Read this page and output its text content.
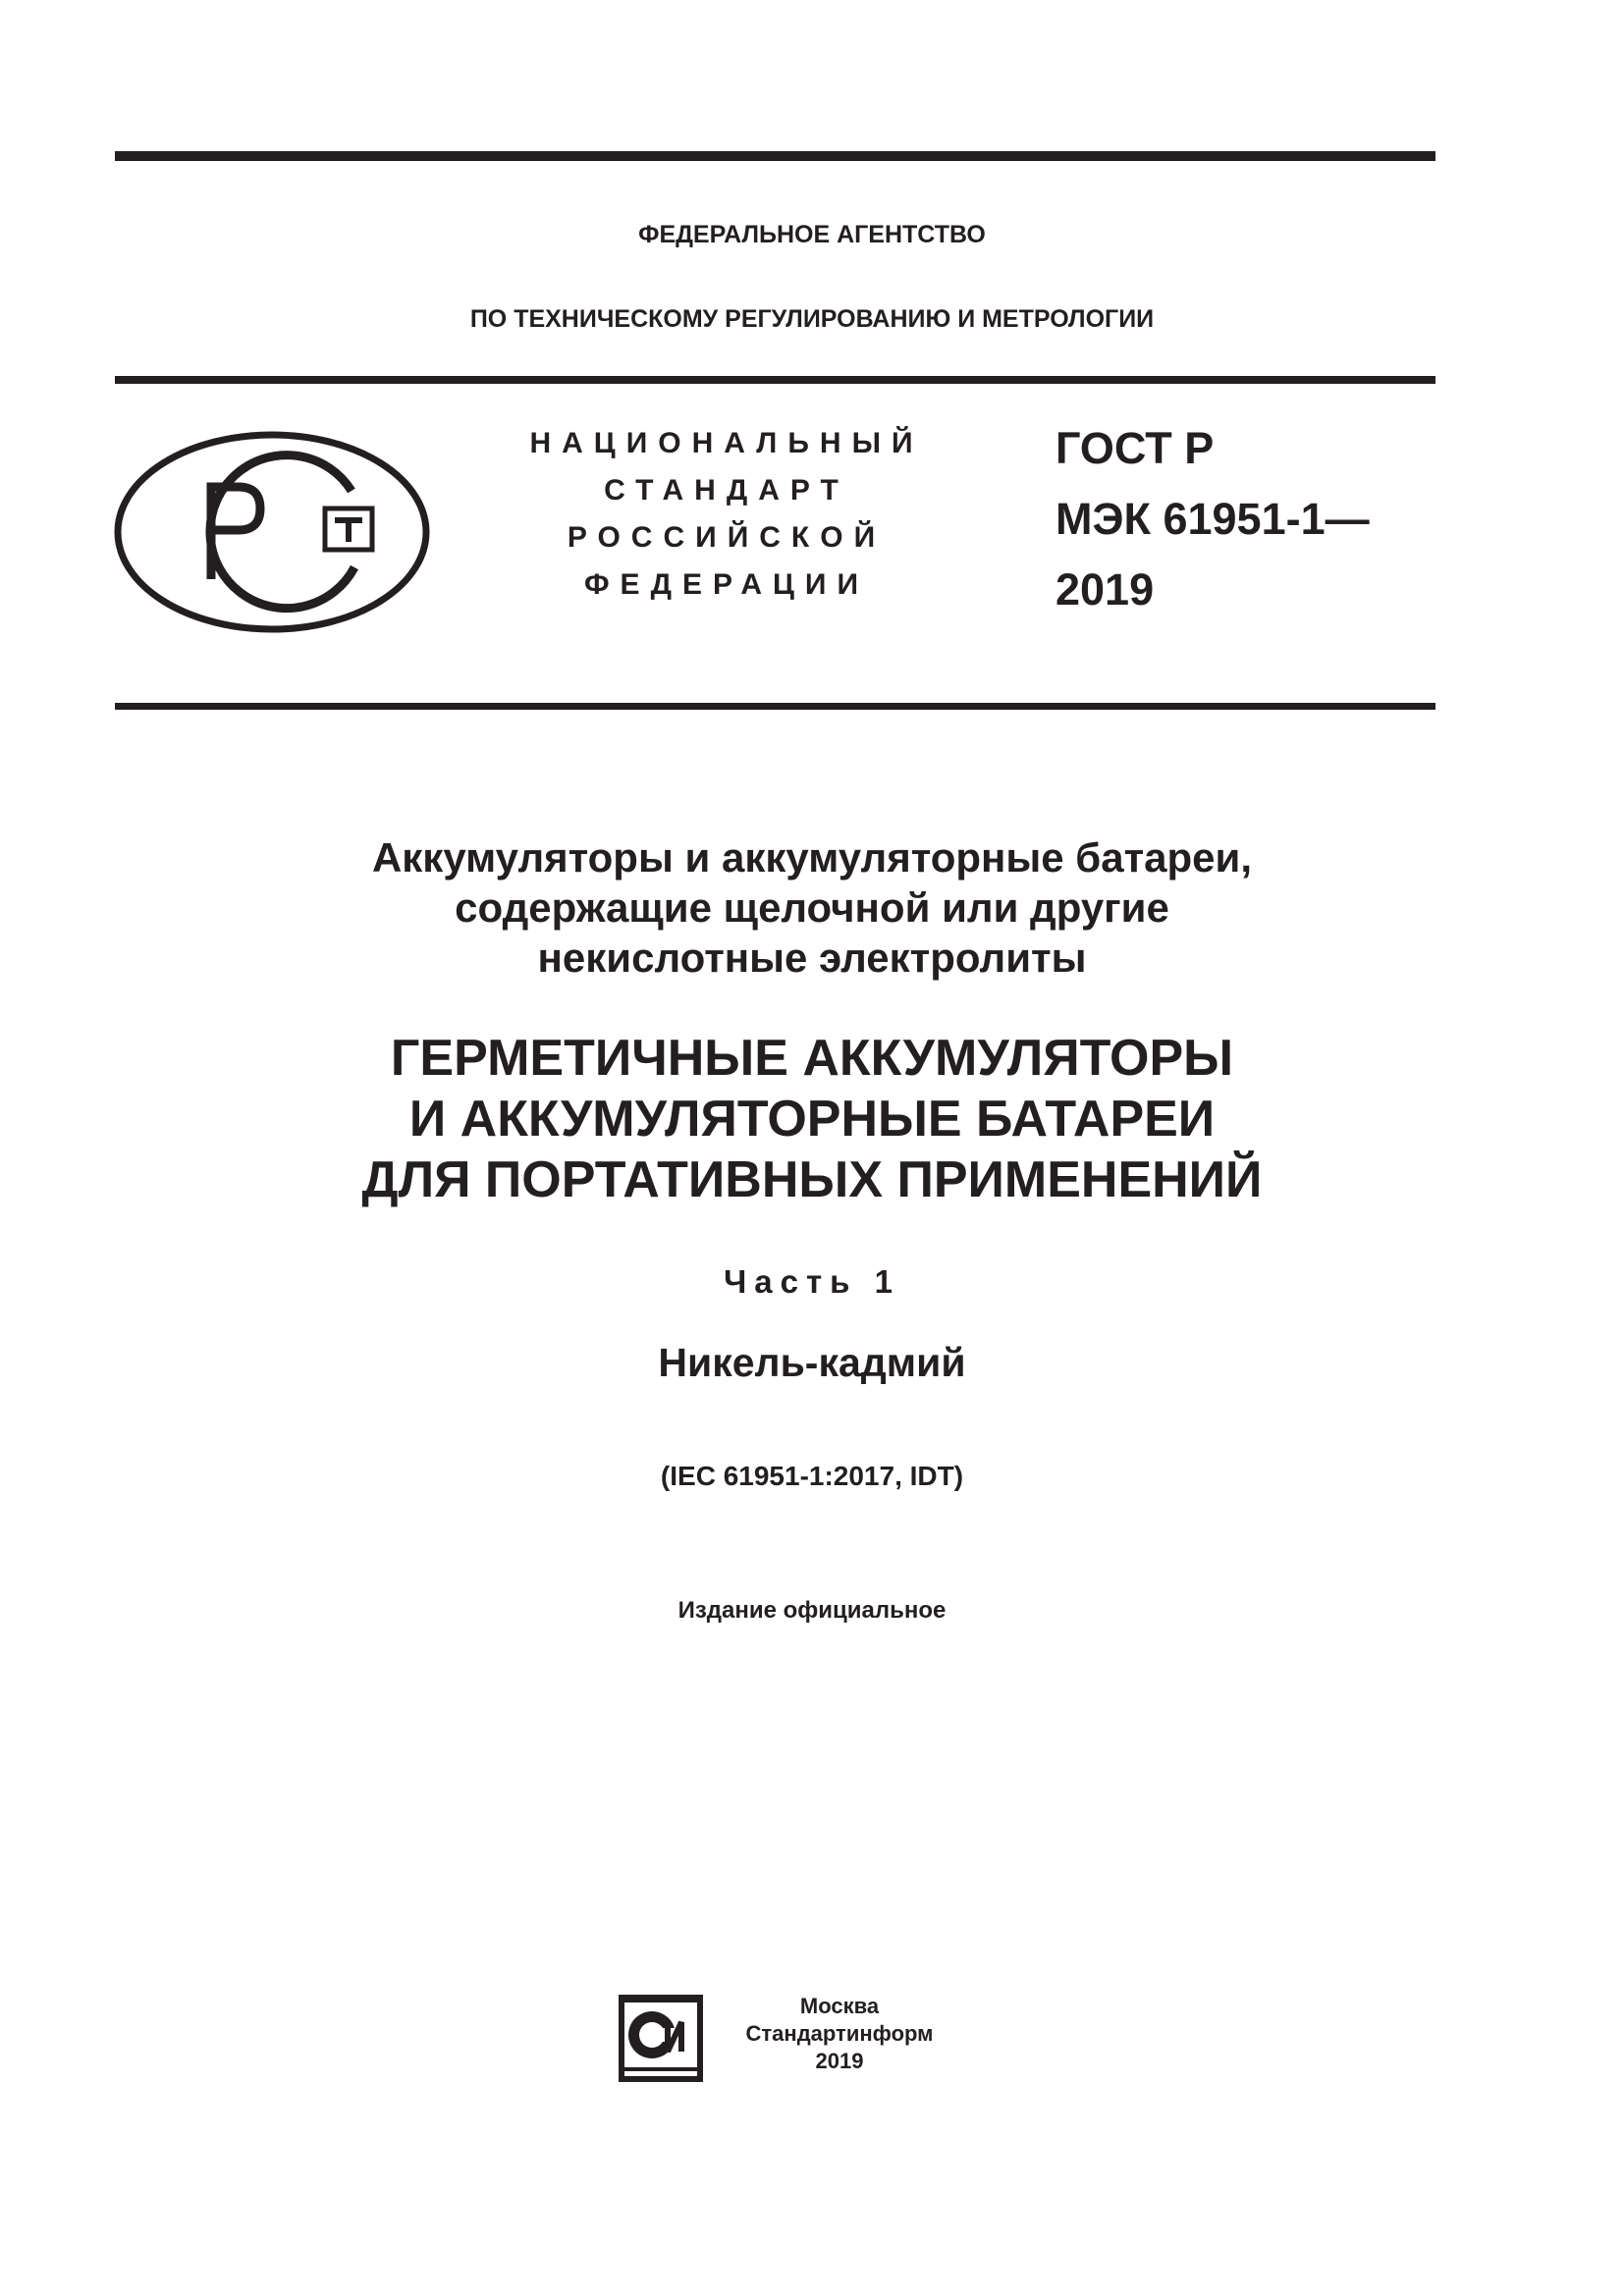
ФЕДЕРАЛЬНОЕ АГЕНТСТВО
ПО ТЕХНИЧЕСКОМУ РЕГУЛИРОВАНИЮ И МЕТРОЛОГИИ
НАЦИОНАЛЬНЫЙ
СТАНДАРТ
РОССИЙСКОЙ
ФЕДЕРАЦИИ
ГОСТ Р
МЭК 61951-1—
2019
Аккумуляторы и аккумуляторные батареи,
содержащие щелочной или другие
некислотные электролиты
ГЕРМЕТИЧНЫЕ АККУМУЛЯТОРЫ
И АККУМУЛЯТОРНЫЕ БАТАРЕИ
ДЛЯ ПОРТАТИВНЫХ ПРИМЕНЕНИЙ
Часть 1
Никель-кадмий
(IEC 61951-1:2017, IDT)
Издание официальное
Москва
Стандартинформ
2019
